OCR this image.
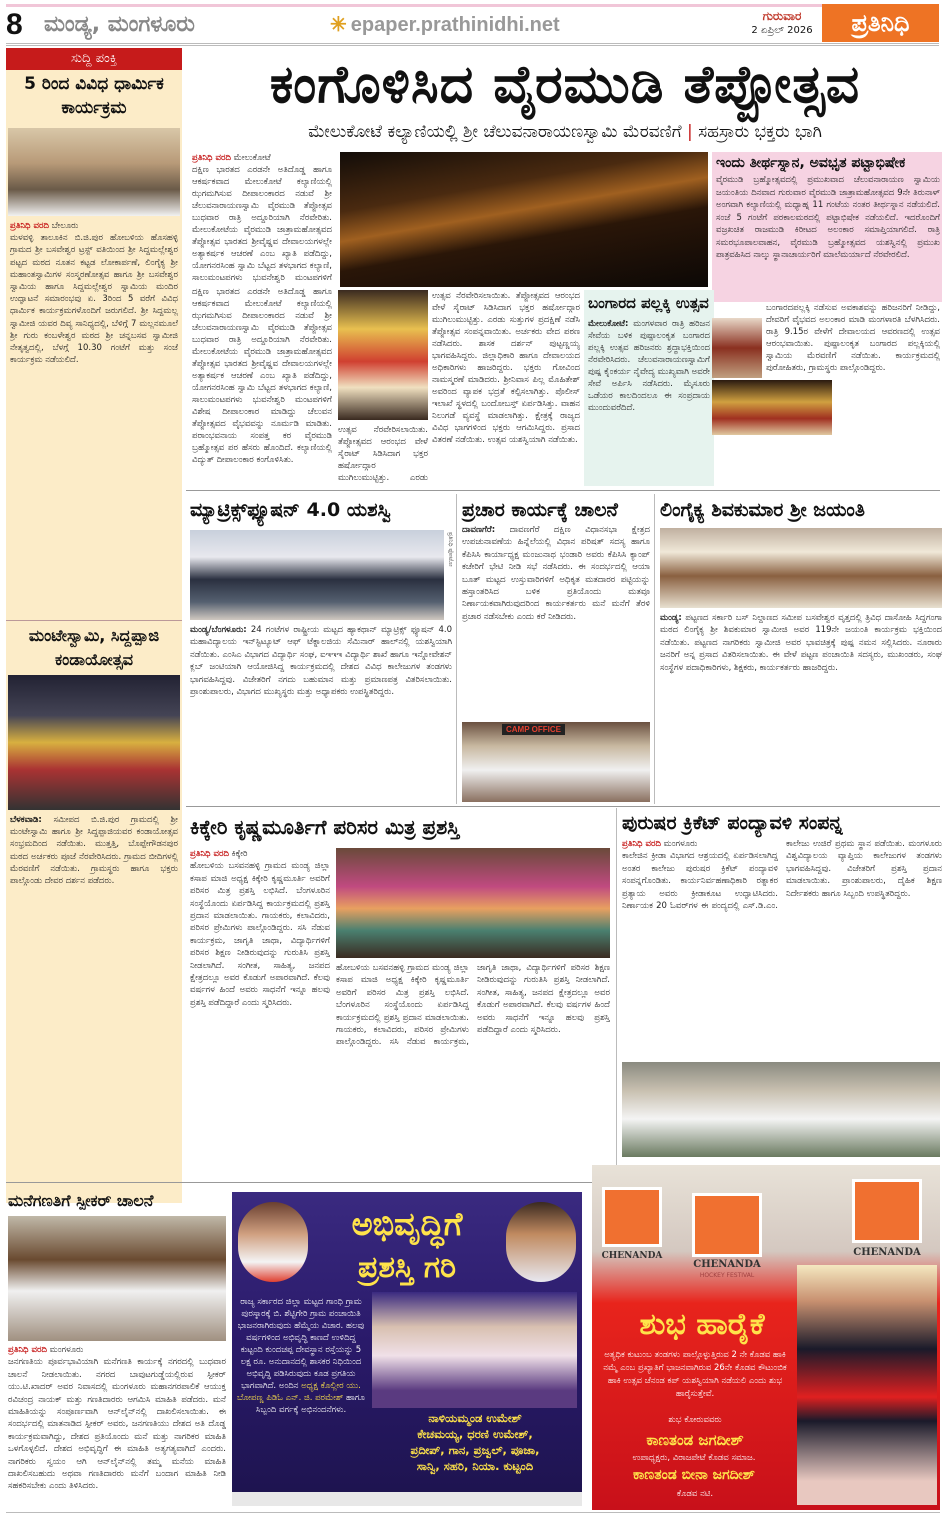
8 ಮಂಡ್ಯ, ಮಂಗಳೂರು	✳ epaper.prathinidhi.net	ಗುರುವಾರ
2 ಏಪ್ರಿಲ್ 2026	ಪ್ರತಿನಿಧಿ
ಸುದ್ದಿ ಪಂಕ್ತಿ
5 ರಿಂದ ವಿವಿಧ ಧಾರ್ಮಿಕ ಕಾರ್ಯಕ್ರಮ
ಪ್ರತಿನಿಧಿ ವರದಿ ಬೇಲೂರು
ಮಳವಳ್ಳಿ ತಾಲೂಕಿನ ಬಿ.ಜಿ.ಪುರ ಹೋಬಳಿಯ ಹೊಸಹಳ್ಳಿ ಗ್ರಾಮದ ಶ್ರೀ ಬಸವೇಶ್ವರ ಟ್ರಸ್ಟ್ ವತಿಯಿಂದ ಶ್ರೀ ಸಿದ್ದಮಲ್ಲೇಶ್ವರ ಪಟ್ಟದ ಮಠದ ನೂತನ ಕಟ್ಟಡ ಲೋಕಾರ್ಪಣೆ, ಲಿಂಗೈಕ್ಯ ಶ್ರೀ ಮಹಾಂತಸ್ವಾಮಿಗಳ ಸಂಸ್ಮರಣೋತ್ಸವ ಹಾಗೂ ಶ್ರೀ ಬಸವೇಶ್ವರ ಸ್ವಾಮಿಯ ಹಾಗೂ ಸಿದ್ದಮಲ್ಲೇಶ್ವರ ಸ್ವಾಮಿಯ ಮಂದಿರ ಉದ್ಘಾಟನೆ ಸಮಾರಂಭವು ಏ. 3ರಿಂದ 5 ವರೆಗೆ ವಿವಿಧ ಧಾರ್ಮಿಕ ಕಾರ್ಯಕ್ರಮಗಳೊಂದಿಗೆ ಜರುಗಲಿದೆ. ಶ್ರೀ ಸಿದ್ದಮಲ್ಲ ಸ್ವಾಮೀಜಿ ಯವರ ದಿವ್ಯ ಸಾನಿಧ್ಯದಲ್ಲಿ, ಬೆಳಿಗ್ಗೆ 7 ಮಲ್ಲನಮೂಲೆ ಶ್ರೀ ಗುರು ಕಂಬಳೇಶ್ವರ ಮಠದ ಶ್ರೀ ಚನ್ನಬಸವ ಸ್ವಾಮೀಜಿ ನೇತೃತ್ವದಲ್ಲಿ, ಬೆಳಗ್ಗೆ 10.30 ಗಂಟೆಗೆ ಮತ್ತು ಸಂಜೆ ಕಾರ್ಯಕ್ರಮ ನಡೆಯಲಿದೆ.
ಮಂಟೇಸ್ವಾಮಿ, ಸಿದ್ದಪ್ಪಾಜಿ ಕಂಡಾಯೋತ್ಸವ
ಬೆಳಕವಾಡಿ: ಸಮೀಪದ ಬಿ.ಜಿ.ಪುರ ಗ್ರಾಮದಲ್ಲಿ ಶ್ರೀ ಮಂಟೇಸ್ವಾಮಿ ಹಾಗೂ ಶ್ರೀ ಸಿದ್ದಪ್ಪಾಜಿಯವರ ಕಂಡಾಯೋತ್ಸವ ಸಂಭ್ರಮದಿಂದ ನಡೆಯಿತು. ಮುತ್ತತ್ತಿ, ಬೊಪ್ಪೇಗೌಡನಪುರ ಮಠದ ಅರ್ಚಕರು ಪೂಜೆ ನೆರವೇರಿಸಿದರು. ಗ್ರಾಮದ ಬೀದಿಗಳಲ್ಲಿ ಮೆರವಣಿಗೆ ನಡೆಯಿತು. ಗ್ರಾಮಸ್ಥರು ಹಾಗೂ ಭಕ್ತರು ಪಾಲ್ಗೊಂಡು ದೇವರ ದರ್ಶನ ಪಡೆದರು.
ಕಂಗೊಳಿಸಿದ ವೈರಮುಡಿ ತೆಪ್ಪೋತ್ಸವ
ಮೇಲುಕೋಟೆ ಕಲ್ಯಾಣಿಯಲ್ಲಿ ಶ್ರೀ ಚೆಲುವನಾರಾಯಣಸ್ವಾಮಿ ಮೆರವಣಿಗೆ | ಸಹಸ್ರಾರು ಭಕ್ತರು ಭಾಗಿ
ಪ್ರತಿನಿಧಿ ವರದಿ ಮೇಲುಕೋಟೆ
ದಕ್ಷಿಣ ಭಾರತದ ಎರಡನೇ ಅತಿದೊಡ್ಡ ಹಾಗೂ ಆಕರ್ಷಕವಾದ ಮೇಲುಕೋಟೆ ಕಲ್ಯಾಣಿಯಲ್ಲಿ ಝಗಮಗಿಸುವ ದೀಪಾಲಂಕಾರದ ನಡುವೆ ಶ್ರೀ ಚೆಲುವನಾರಾಯಣಸ್ವಾಮಿ ವೈರಮುಡಿ ತೆಪ್ಪೋತ್ಸವ ಬುಧವಾರ ರಾತ್ರಿ ಅದ್ದೂರಿಯಾಗಿ ನೆರವೇರಿತು. ಮೇಲುಕೋಟೆಯ ವೈರಮುಡಿ ಜಾತ್ರಾಮಹೋತ್ಸವದ ತೆಪ್ಪೋತ್ಸವ ಭಾರತದ ಶ್ರೀವೈಷ್ಣವ ದೇವಾಲಯಗಳಲ್ಲೇ ಅತ್ಯಾಕರ್ಷಕ ಆಚರಣೆ ಎಂಬ ಖ್ಯಾತಿ ಪಡೆದಿದ್ದು, ಯೋಗನರಸಿಂಹ ಸ್ವಾಮಿ ಬೆಟ್ಟದ ತಳಭಾಗದ ಕಲ್ಯಾಣಿ, ಸಾಲುಮಂಟಪಗಳು ಭುವನೇಶ್ವರಿ ಮಂಟಪಗಳಿಗೆ
ಇಂದು ತೀರ್ಥಸ್ನಾನ, ಅವಭೃತ ಪಟ್ಟಾಭಿಷೇಕ
ವೈರಮುಡಿ ಬ್ರಹ್ಮೋತ್ಸವದಲ್ಲಿ ಪ್ರಮುಖವಾದ ಚೆಲುವನಾರಾಯಣ ಸ್ವಾಮಿಯ ಜಯಂತಿಯ ದಿನವಾದ ಗುರುವಾರ ವೈರಮುಡಿ ಜಾತ್ರಾಮಹೋತ್ಸವದ 9ನೇ ತಿರುನಾಳ್ ಅಂಗವಾಗಿ ಕಲ್ಯಾಣಿಯಲ್ಲಿ ಮಧ್ಯಾಹ್ನ 11 ಗಂಟೆಯ ನಂತರ ತೀರ್ಥಸ್ನಾನ ನಡೆಯಲಿದೆ. ಸಂಜೆ 5 ಗಂಟೆಗೆ ಪರಕಾಲಮಠದಲ್ಲಿ ಪಟ್ಟಾಭಿಷೇಕ ನಡೆಯಲಿದೆ. ಇದರೊಂದಿಗೆ ವಜ್ರಖಚಿತ ರಾಜಮುಡಿ ಕಿರೀಟದ ಅಲಂಕಾರ ಸಮಾಪ್ತಿಯಾಗಲಿದೆ. ರಾತ್ರಿ ಸಮರಭೂಪಾಲವಾಹನ, ವೈರಮುಡಿ ಬ್ರಹ್ಮೋತ್ಸವದ ಯಶಸ್ವಿನಲ್ಲಿ ಪ್ರಮುಖ ಪಾತ್ರವಹಿಸಿದ ನಾಲ್ಕು ಸ್ಥಾನಾಚಾರ್ಯರಿಗೆ ಮಾಲೆಮರ್ಯಾದೆ ನೆರವೇರಲಿದೆ.
ದಕ್ಷಿಣ ಭಾರತದ ಎರಡನೇ ಅತಿದೊಡ್ಡ ಹಾಗೂ ಆಕರ್ಷಕವಾದ ಮೇಲುಕೋಟೆ ಕಲ್ಯಾಣಿಯಲ್ಲಿ ಝಗಮಗಿಸುವ ದೀಪಾಲಂಕಾರದ ನಡುವೆ ಶ್ರೀ ಚೆಲುವನಾರಾಯಣಸ್ವಾಮಿ ವೈರಮುಡಿ ತೆಪ್ಪೋತ್ಸವ ಬುಧವಾರ ರಾತ್ರಿ ಅದ್ದೂರಿಯಾಗಿ ನೆರವೇರಿತು. ಮೇಲುಕೋಟೆಯ ವೈರಮುಡಿ ಜಾತ್ರಾಮಹೋತ್ಸವದ ತೆಪ್ಪೋತ್ಸವ ಭಾರತದ ಶ್ರೀವೈಷ್ಣವ ದೇವಾಲಯಗಳಲ್ಲೇ ಅತ್ಯಾಕರ್ಷಕ ಆಚರಣೆ ಎಂಬ ಖ್ಯಾತಿ ಪಡೆದಿದ್ದು, ಯೋಗನರಸಿಂಹ ಸ್ವಾಮಿ ಬೆಟ್ಟದ ತಳಭಾಗದ ಕಲ್ಯಾಣಿ, ಸಾಲುಮಂಟಪಗಳು ಭುವನೇಶ್ವರಿ ಮಂಟಪಗಳಿಗೆ ವಿಶೇಷ ದೀಪಾಲಂಕಾರ ಮಾಡಿದ್ದು ಚೆಲುವನ ತೆಪ್ಪೋತ್ಸವದ ವೈಭವವನ್ನು ನೂರ್ಮಡಿ ಮಾಡಿತು. ಪರಾಂಭವನಾಯ ಸಂಪತ್ತ ಕರ ವೈರಮುಡಿ ಬ್ರಹ್ಮೋತ್ಸವ ಪರ ಹೆಸರು ಹೊಂದಿದೆ. ಕಲ್ಯಾಣಿಯಲ್ಲಿ ವಿದ್ಯುತ್ ದೀಪಾಲಂಕಾರ ಕಂಗೊಳಿಸಿತು.
ಉತ್ಸವ ನೆರವೇರಿಸಲಾಯಿತು. ತೆಪ್ಪೋತ್ಸವದ ಆರಂಭದ ವೇಳೆ ಸೈರಾಟ್ ಸಿಡಿಸಿದಾಗ ಭಕ್ತರ ಹರ್ಷೋದ್ಗಾರ ಮುಗಿಲುಮುಟ್ಟಿತ್ತು. ಎರಡು
ಉತ್ಸವ ನೆರವೇರಿಸಲಾಯಿತು. ತೆಪ್ಪೋತ್ಸವದ ಆರಂಭದ ವೇಳೆ ಸೈರಾಟ್ ಸಿಡಿಸಿದಾಗ ಭಕ್ತರ ಹರ್ಷೋದ್ಗಾರ ಮುಗಿಲುಮುಟ್ಟಿತ್ತು. ಎರಡು ಸುತ್ತುಗಳ ಪ್ರದಕ್ಷಿಣೆ ನಡೆಸಿ ತೆಪ್ಪೋತ್ಸವ ಸಂಪನ್ನವಾಯಿತು. ಅರ್ಚಕರು ವೇದ ಪಠಣ ನಡೆಸಿದರು. ಶಾಸಕ ದರ್ಶನ್ ಪುಟ್ಟಣ್ಣಯ್ಯ ಭಾಗವಹಿಸಿದ್ದರು. ಜಿಲ್ಲಾಧಿಕಾರಿ ಹಾಗೂ ದೇವಾಲಯದ ಅಧಿಕಾರಿಗಳು ಹಾಜರಿದ್ದರು. ಭಕ್ತರು ಗೋವಿಂದ ನಾಮಸ್ಮರಣೆ ಮಾಡಿದರು. ಶ್ರೀನಿವಾಸ ಪಿಲ್ಲ ಮೊಹಿತೇಶ್ ಅವರಿಂದ ವ್ಯಾಪಕ ಭದ್ರತೆ ಕಲ್ಪಿಸಲಾಗಿತ್ತು. ಪೊಲೀಸ್ ಇಲಾಖೆ ಸ್ಥಳದಲ್ಲಿ ಬಂದೋಬಸ್ತ್ ಏರ್ಪಡಿಸಿತ್ತು. ವಾಹನ ನಿಲುಗಡೆ ವ್ಯವಸ್ಥೆ ಮಾಡಲಾಗಿತ್ತು. ಕ್ಷೇತ್ರಕ್ಕೆ ರಾಜ್ಯದ ವಿವಿಧ ಭಾಗಗಳಿಂದ ಭಕ್ತರು ಆಗಮಿಸಿದ್ದರು. ಪ್ರಸಾದ ವಿತರಣೆ ನಡೆಯಿತು. ಉತ್ಸವ ಯಶಸ್ವಿಯಾಗಿ ನಡೆಯಿತು.
ಬಂಗಾರದ ಪಲ್ಲಕ್ಕಿ ಉತ್ಸವ
ಮೇಲುಕೋಟೆ: ಮಂಗಳವಾರ ರಾತ್ರಿ ಹರಿಜನ ಸೇವೆಯ ಬಳಿಕ ಪುಷ್ಪಾಲಂಕೃತ ಬಂಗಾರದ ಪಲ್ಲಕ್ಕಿ ಉತ್ಸವ ಹರಿಜನರು ಶ್ರದ್ಧಾಭಕ್ತಿಯಿಂದ ನೆರವೇರಿಸಿದರು. ಚೆಲುವನಾರಾಯಣಸ್ವಾಮಿಗೆ ಪುಷ್ಪ ಕೈಂಕರ್ಯ ನೈವೇದ್ಯ ಮುಖ್ಯವಾಗಿ ಅವರೇ ಸೇವೆ ಅರ್ಪಿಸಿ ನಡೆಸಿದರು. ಮೈಸೂರು ಒಡೆಯರ ಕಾಲದಿಂದಲೂ ಈ ಸಂಪ್ರದಾಯ ಮುಂದುವರೆದಿದೆ.
ಬಂಗಾರದಪಲ್ಲಕ್ಕಿ ನಡೆಸುವ ಅವಕಾಶವನ್ನು ಹರಿಜನರಿಗೆ ನೀಡಿದ್ದು, ದೇವರಿಗೆ ವೈಭವದ ಅಲಂಕಾರ ಮಾಡಿ ಮಂಗಳಾರತಿ ಬೆಳಗಿಸಿದರು. ರಾತ್ರಿ 9.15ರ ವೇಳೆಗೆ ದೇವಾಲಯದ ಆವರಣದಲ್ಲಿ ಉತ್ಸವ ಆರಂಭವಾಯಿತು. ಪುಷ್ಪಾಲಂಕೃತ ಬಂಗಾರದ ಪಲ್ಲಕ್ಕಿಯಲ್ಲಿ ಸ್ವಾಮಿಯ ಮೆರವಣಿಗೆ ನಡೆಯಿತು. ಕಾರ್ಯಕ್ರಮದಲ್ಲಿ ಪುರೋಹಿತರು, ಗ್ರಾಮಸ್ಥರು ಪಾಲ್ಗೊಂಡಿದ್ದರು.
ಮ್ಯಾಟ್ರಿಕ್ಸ್‌ಫ್ಯೂಷನ್ 4.0 ಯಶಸ್ವಿ
ಪ್ರತಿನಿಧಿ ಫೋಟೋ
ಮಂಡ್ಯ/ಬೆಂಗಳೂರು: 24 ಗಂಟೆಗಳ ರಾಷ್ಟ್ರೀಯ ಮಟ್ಟದ ಹ್ಯಾಕಥಾನ್ ಮ್ಯಾಟ್ರಿಕ್ಸ್ ಫ್ಯೂಷನ್ 4.0 ಮಹಾವಿದ್ಯಾಲಯ ಇನ್‌ಸ್ಟಿಟ್ಯೂಟ್ ಆಫ್ ಟೆಕ್ನಾಲಜಿಯ ಸೆಮಿನಾರ್ ಹಾಲ್‌ನಲ್ಲಿ ಯಶಸ್ವಿಯಾಗಿ ನಡೆಯಿತು. ಎಂಸಿಎ ವಿಭಾಗದ ವಿದ್ಯಾರ್ಥಿ ಸಂಘ, ಐಇಇಇ ವಿದ್ಯಾರ್ಥಿ ಶಾಖೆ ಹಾಗೂ ಇನ್ನೋವೇಶನ್ ಕ್ಲಬ್ ಜಂಟಿಯಾಗಿ ಆಯೋಜಿಸಿದ್ದ ಕಾರ್ಯಕ್ರಮದಲ್ಲಿ ದೇಶದ ವಿವಿಧ ಕಾಲೇಜುಗಳ ತಂಡಗಳು ಭಾಗವಹಿಸಿದ್ದವು. ವಿಜೇತರಿಗೆ ನಗದು ಬಹುಮಾನ ಮತ್ತು ಪ್ರಮಾಣಪತ್ರ ವಿತರಿಸಲಾಯಿತು. ಪ್ರಾಂಶುಪಾಲರು, ವಿಭಾಗದ ಮುಖ್ಯಸ್ಥರು ಮತ್ತು ಅಧ್ಯಾಪಕರು ಉಪಸ್ಥಿತರಿದ್ದರು.
ಪ್ರಚಾರ ಕಾರ್ಯಕ್ಕೆ ಚಾಲನೆ
ದಾವಣಗೆರೆ: ದಾವಣಗೆರೆ ದಕ್ಷಿಣ ವಿಧಾನಸಭಾ ಕ್ಷೇತ್ರದ ಉಪಚುನಾವಣೆಯ ಹಿನ್ನೆಲೆಯಲ್ಲಿ ವಿಧಾನ ಪರಿಷತ್ ಸದಸ್ಯ ಹಾಗೂ ಕೆಪಿಸಿಸಿ ಕಾರ್ಯಾಧ್ಯಕ್ಷ ಮಂಜುನಾಥ ಭಂಡಾರಿ ಅವರು ಕೆಪಿಸಿಸಿ ಕ್ಯಾಂಪ್ ಕಚೇರಿಗೆ ಭೇಟಿ ನೀಡಿ ಸಭೆ ನಡೆಸಿದರು. ಈ ಸಂದರ್ಭದಲ್ಲಿ ಆಯಾ ಬೂತ್ ಮಟ್ಟದ ಉಸ್ತುವಾರಿಗಳಿಗೆ ಅಧಿಕೃತ ಮತದಾರರ ಪಟ್ಟಿಯನ್ನು ಹಸ್ತಾಂತರಿಸಿದ ಬಳಿಕ ಪ್ರತಿಯೊಂದು ಮತವೂ ನಿರ್ಣಾಯಕವಾಗಿರುವುದರಿಂದ ಕಾರ್ಯಕರ್ತರು ಮನೆ ಮನೆಗೆ ತೆರಳಿ ಪ್ರಚಾರ ನಡೆಸಬೇಕು ಎಂದು ಕರೆ ನೀಡಿದರು.
CAMP OFFICE
ಲಿಂಗೈಕ್ಯ ಶಿವಕುಮಾರ ಶ್ರೀ ಜಯಂತಿ
ಮಂಡ್ಯ: ಪಟ್ಟಣದ ಸರ್ಕಾರಿ ಬಸ್ ನಿಲ್ದಾಣದ ಸಮೀಪ ಬಸವೇಶ್ವರ ವೃತ್ತದಲ್ಲಿ ತ್ರಿವಿಧ ದಾಸೋಹಿ ಸಿದ್ದಗಂಗಾ ಮಠದ ಲಿಂಗೈಕ್ಯ ಶ್ರೀ ಶಿವಕುಮಾರ ಸ್ವಾಮೀಜಿ ಅವರ 119ನೇ ಜಯಂತಿ ಕಾರ್ಯಕ್ರಮ ಭಕ್ತಿಯಿಂದ ನಡೆಯಿತು. ಪಟ್ಟಣದ ನಾಗರಿಕರು ಸ್ವಾಮೀಜಿ ಅವರ ಭಾವಚಿತ್ರಕ್ಕೆ ಪುಷ್ಪ ನಮನ ಸಲ್ಲಿಸಿದರು. ನೂರಾರು ಜನರಿಗೆ ಅನ್ನ ಪ್ರಸಾದ ವಿತರಿಸಲಾಯಿತು. ಈ ವೇಳೆ ಪಟ್ಟಣ ಪಂಚಾಯಿತಿ ಸದಸ್ಯರು, ಮುಖಂಡರು, ಸಂಘ ಸಂಸ್ಥೆಗಳ ಪದಾಧಿಕಾರಿಗಳು, ಶಿಕ್ಷಕರು, ಕಾರ್ಯಕರ್ತರು ಹಾಜರಿದ್ದರು.
ಕಿಕ್ಕೇರಿ ಕೃಷ್ಣಮೂರ್ತಿಗೆ ಪರಿಸರ ಮಿತ್ರ ಪ್ರಶಸ್ತಿ
ಪ್ರತಿನಿಧಿ ವರದಿ ಕಿಕ್ಕೇರಿ
ಹೋಬಳಿಯ ಬಸವನಹಳ್ಳಿ ಗ್ರಾಮದ ಮಂಡ್ಯ ಜಿಲ್ಲಾ ಕಸಾಪ ಮಾಜಿ ಅಧ್ಯಕ್ಷ ಕಿಕ್ಕೇರಿ ಕೃಷ್ಣಮೂರ್ತಿ ಅವರಿಗೆ ಪರಿಸರ ಮಿತ್ರ ಪ್ರಶಸ್ತಿ ಲಭಿಸಿದೆ. ಬೆಂಗಳೂರಿನ ಸಂಸ್ಥೆಯೊಂದು ಏರ್ಪಡಿಸಿದ್ದ ಕಾರ್ಯಕ್ರಮದಲ್ಲಿ ಪ್ರಶಸ್ತಿ ಪ್ರದಾನ ಮಾಡಲಾಯಿತು. ಗಾಯಕರು, ಕಲಾವಿದರು, ಪರಿಸರ ಪ್ರೇಮಿಗಳು ಪಾಲ್ಗೊಂಡಿದ್ದರು. ಸಸಿ ನೆಡುವ ಕಾರ್ಯಕ್ರಮ, ಜಾಗೃತಿ ಜಾಥಾ, ವಿದ್ಯಾರ್ಥಿಗಳಿಗೆ ಪರಿಸರ ಶಿಕ್ಷಣ ನೀಡಿರುವುದನ್ನು ಗುರುತಿಸಿ ಪ್ರಶಸ್ತಿ ನೀಡಲಾಗಿದೆ. ಸಂಗೀತ, ಸಾಹಿತ್ಯ, ಜನಪದ ಕ್ಷೇತ್ರದಲ್ಲೂ ಅವರ ಕೊಡುಗೆ ಅಪಾರವಾಗಿದೆ. ಕೆಲವು ವರ್ಷಗಳ ಹಿಂದೆ ಅವರು ಸಾಧನೆಗೆ ಇನ್ನೂ ಹಲವು ಪ್ರಶಸ್ತಿ ಪಡೆದಿದ್ದಾರೆ ಎಂದು ಸ್ಮರಿಸಿದರು.
ಹೋಬಳಿಯ ಬಸವನಹಳ್ಳಿ ಗ್ರಾಮದ ಮಂಡ್ಯ ಜಿಲ್ಲಾ ಕಸಾಪ ಮಾಜಿ ಅಧ್ಯಕ್ಷ ಕಿಕ್ಕೇರಿ ಕೃಷ್ಣಮೂರ್ತಿ ಅವರಿಗೆ ಪರಿಸರ ಮಿತ್ರ ಪ್ರಶಸ್ತಿ ಲಭಿಸಿದೆ. ಬೆಂಗಳೂರಿನ ಸಂಸ್ಥೆಯೊಂದು ಏರ್ಪಡಿಸಿದ್ದ ಕಾರ್ಯಕ್ರಮದಲ್ಲಿ ಪ್ರಶಸ್ತಿ ಪ್ರದಾನ ಮಾಡಲಾಯಿತು. ಗಾಯಕರು, ಕಲಾವಿದರು, ಪರಿಸರ ಪ್ರೇಮಿಗಳು ಪಾಲ್ಗೊಂಡಿದ್ದರು. ಸಸಿ ನೆಡುವ ಕಾರ್ಯಕ್ರಮ, ಜಾಗೃತಿ ಜಾಥಾ, ವಿದ್ಯಾರ್ಥಿಗಳಿಗೆ ಪರಿಸರ ಶಿಕ್ಷಣ ನೀಡಿರುವುದನ್ನು ಗುರುತಿಸಿ ಪ್ರಶಸ್ತಿ ನೀಡಲಾಗಿದೆ. ಸಂಗೀತ, ಸಾಹಿತ್ಯ, ಜನಪದ ಕ್ಷೇತ್ರದಲ್ಲೂ ಅವರ ಕೊಡುಗೆ ಅಪಾರವಾಗಿದೆ. ಕೆಲವು ವರ್ಷಗಳ ಹಿಂದೆ ಅವರು ಸಾಧನೆಗೆ ಇನ್ನೂ ಹಲವು ಪ್ರಶಸ್ತಿ ಪಡೆದಿದ್ದಾರೆ ಎಂದು ಸ್ಮರಿಸಿದರು.
ಪುರುಷರ ಕ್ರಿಕೆಟ್ ಪಂದ್ಯಾವಳಿ ಸಂಪನ್ನ
ಪ್ರತಿನಿಧಿ ವರದಿ ಮಂಗಳೂರು
ಕಾಲೇಜಿನ ಕ್ರೀಡಾ ವಿಭಾಗದ ಆಶ್ರಯದಲ್ಲಿ ಏರ್ಪಡಿಸಲಾಗಿದ್ದ ಅಂತರ ಕಾಲೇಜು ಪುರುಷರ ಕ್ರಿಕೆಟ್ ಪಂದ್ಯಾವಳಿ ಸಂಪನ್ನಗೊಂಡಿತು. ಕಾರ್ಯನಿರ್ವಹಣಾಧಿಕಾರಿ ರತ್ನಾಕರ ಪ್ರತ್ಯಾಯ ಅವರು ಕ್ರೀಡಾಕೂಟ ಉದ್ಘಾಟಿಸಿದರು. ನಿರ್ಣಾಯಕ 20 ಓವರ್‌ಗಳ ಈ ಪಂದ್ಯದಲ್ಲಿ ಎಸ್.ಡಿ.ಎಂ. ಕಾಲೇಜು ಉಜಿರೆ ಪ್ರಥಮ ಸ್ಥಾನ ಪಡೆಯಿತು. ಮಂಗಳೂರು ವಿಶ್ವವಿದ್ಯಾಲಯ ವ್ಯಾಪ್ತಿಯ ಕಾಲೇಜುಗಳ ತಂಡಗಳು ಭಾಗವಹಿಸಿದ್ದವು. ವಿಜೇತರಿಗೆ ಪ್ರಶಸ್ತಿ ಪ್ರದಾನ ಮಾಡಲಾಯಿತು. ಪ್ರಾಂಶುಪಾಲರು, ದೈಹಿಕ ಶಿಕ್ಷಣ ನಿರ್ದೇಶಕರು ಹಾಗೂ ಸಿಬ್ಬಂದಿ ಉಪಸ್ಥಿತರಿದ್ದರು.
ಮನೆಗಣತಿಗೆ ಸ್ಪೀಕರ್ ಚಾಲನೆ
ಪ್ರತಿನಿಧಿ ವರದಿ ಮಂಗಳೂರು
ಜನಗಣತಿಯ ಪೂರ್ವಭಾವಿಯಾಗಿ ಮನೆಗಣತಿ ಕಾರ್ಯಕ್ಕೆ ನಗರದಲ್ಲಿ ಬುಧವಾರ ಚಾಲನೆ ನೀಡಲಾಯಿತು. ನಗರದ ಬಾವುಟಗುಡ್ಡೆಯಲ್ಲಿರುವ ಸ್ಪೀಕರ್ ಯು.ಟಿ.ಖಾದರ್ ಅವರ ನಿವಾಸದಲ್ಲಿ ಮಂಗಳೂರು ಮಹಾನಗರಪಾಲಿಕೆ ಆಯುಕ್ತ ರವಿಚಂದ್ರ ನಾಯಕ್ ಮತ್ತು ಗಣತಿದಾರರು ಆಗಮಿಸಿ ಮಾಹಿತಿ ಪಡೆದರು. ಮನೆ ಮಾಹಿತಿಯನ್ನು ಸಂಪೂರ್ಣವಾಗಿ ಆನ್‌ಲೈನ್‌ನಲ್ಲಿ ದಾಖಲಿಸಲಾಯಿತು. ಈ ಸಂದರ್ಭದಲ್ಲಿ ಮಾತನಾಡಿದ ಸ್ಪೀಕರ್ ಅವರು, ಜನಗಣತಿಯು ದೇಶದ ಅತಿ ದೊಡ್ಡ ಕಾರ್ಯಕ್ರಮವಾಗಿದ್ದು, ದೇಶದ ಪ್ರತಿಯೊಂದು ಮನೆ ಮತ್ತು ನಾಗರಿಕರ ಮಾಹಿತಿ ಒಳಗೊಳ್ಳಲಿದೆ. ದೇಶದ ಅಭಿವೃದ್ಧಿಗೆ ಈ ಮಾಹಿತಿ ಅತ್ಯಗತ್ಯವಾಗಿದೆ ಎಂದರು. ನಾಗರಿಕರು ಸ್ವಯಂ ಆಗಿ ಆನ್‌ಲೈನ್‌ನಲ್ಲಿ ತಮ್ಮ ಮನೆಯ ಮಾಹಿತಿ ದಾಖಲಿಸಬಹುದು ಅಥವಾ ಗಣತಿದಾರರು ಮನೆಗೆ ಬಂದಾಗ ಮಾಹಿತಿ ನೀಡಿ ಸಹಕರಿಸಬೇಕು ಎಂದು ತಿಳಿಸಿದರು.
ಅಭಿವೃದ್ಧಿಗೆ
ಪ್ರಶಸ್ತಿ ಗರಿ
ರಾಜ್ಯ ಸರ್ಕಾರದ ಜಿಲ್ಲಾ ಮಟ್ಟದ ಗಾಂಧಿ ಗ್ರಾಮ ಪುರಸ್ಕಾರಕ್ಕೆ ಬಿ. ಶೆಟ್ಟಿಗೇರಿ ಗ್ರಾಮ ಪಂಚಾಯಿತಿ ಭಾಜನರಾಗಿರುವುದು ಹೆಮ್ಮೆಯ ವಿಚಾರ. ಹಲವು ವರ್ಷಗಳಿಂದ ಅಭಿವೃದ್ಧಿ ಕಾಣದೆ ಉಳಿದಿದ್ದ ಕುಟ್ಟಂದಿ ಕುಂದಚಪ್ಪ ದೇವಸ್ಥಾನ ರಸ್ತೆಯನ್ನು 5 ಲಕ್ಷ ರೂ. ಅನುದಾನದಲ್ಲಿ ಶಾಸಕರ ನಿಧಿಯಿಂದ ಅಭಿವೃದ್ಧಿ ಪಡಿಸಿರುವುದು ಕೂಡ ಪ್ರಗತಿಯ ಭಾಗವಾಗಿದೆ. ಅಂದಿನ ಅಧ್ಯಕ್ಷ ಕೊಲ್ಲೀರ ಯು. ಬೋಪಣ್ಣ ಪಿಡಿಓ ಎನ್. ಜಿ. ಪರಮೇಶ್ ಹಾಗೂ ಸಿಬ್ಬಂದಿ ವರ್ಗಕ್ಕೆ ಅಭಿನಂದನೆಗಳು.
ನಾಳಿಯಮ್ಮಂಡ ಉಮೇಶ್
ಕೇಚಮಯ್ಯ, ಧರಣಿ ಉಮೇಶ್,
ಪ್ರದೀಪ್, ಗಾನ, ಪ್ರಜ್ವಲ್, ಪೂಜಾ,
ಸಾನ್ವಿ, ಸಹರಿ, ನಿಯಾ. ಕುಟ್ಟಂದಿ
CHENANDA
CHENANDA
HOCKEY FESTIVAL
CHENANDA
ಶುಭ ಹಾರೈಕೆ
ಅತ್ಯಧಿಕ ಕುಟುಂಬ ತಂಡಗಳು ಪಾಲ್ಗೊಳ್ಳುತ್ತಿರುವ 2 ನೇ ಕೊಡವ ಹಾಕಿ ನಮ್ಮೆ ಎಂಬ ಪ್ರಖ್ಯಾತಿಗೆ ಭಾಜನವಾಗಿರುವ 26ನೇ ಕೊಡವ ಕೌಟುಂಬಿಕ ಹಾಕಿ ಉತ್ಸವ ಚೆನಂಡ ಕಪ್ ಯಶಸ್ವಿಯಾಗಿ ನಡೆಯಲಿ ಎಂದು ಶುಭ ಹಾರೈಸುತ್ತೇವೆ.
ಶುಭ ಕೋರುವವರು
ಕಾಣತಂಡ ಜಗದೀಶ್
ಉಪಾಧ್ಯಕ್ಷರು, ವಿರಾಜಪೇಟೆ ಕೊಡವ ಸಮಾಜ.
ಕಾಣತಂಡ ಬೀನಾ ಜಗದೀಶ್
ಕೊಡವ ನಟಿ.
